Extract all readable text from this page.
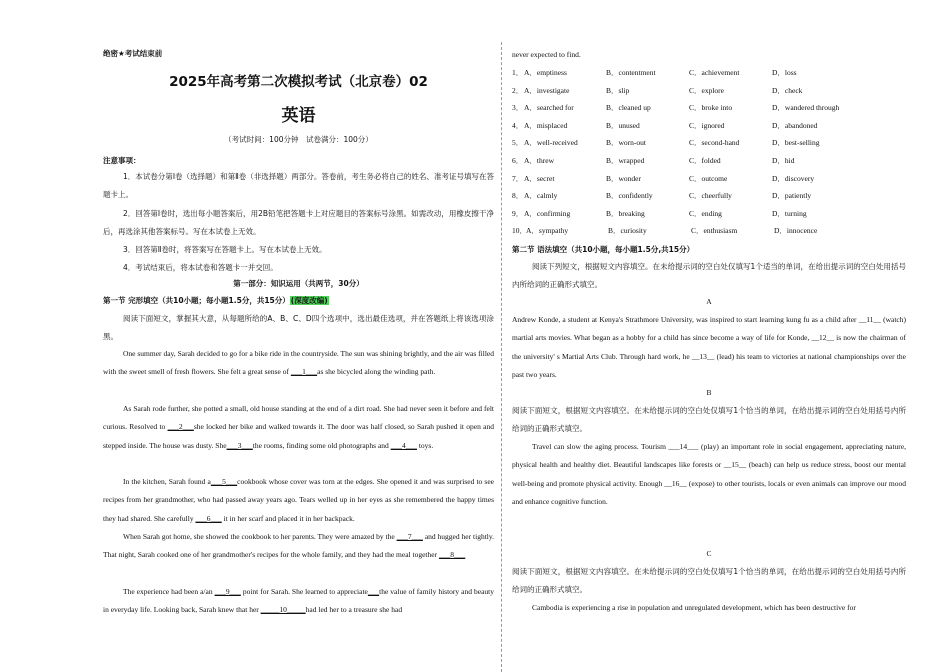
绝密★考试结束前
2025年高考第二次模拟考试（北京卷）02
英语
（考试时间：100分钟　试卷满分：100分）
注意事项：
1．本试卷分第Ⅰ卷（选择题）和第Ⅱ卷（非选择题）两部分。答卷前，考生务必将自己的姓名、准考证号填写在答题卡上。
2．回答第Ⅰ卷时，选出每小题答案后，用2B铅笔把答题卡上对应题目的答案标号涂黑。如需改动，用橡皮擦干净后，再选涂其他答案标号。写在本试卷上无效。
3．回答第Ⅱ卷时，将答案写在答题卡上。写在本试卷上无效。
4．考试结束后，将本试卷和答题卡一并交回。
第一部分：知识运用（共两节，30分）
第一节 完形填空（共10小题；每小题1.5分，共15分）(深度改编)
阅读下面短文，掌握其大意，从每题所给的A、B、C、D四个选项中，选出最佳选项，并在答题纸上将该选项涂黑。
One summer day, Sarah decided to go for a bike ride in the countryside. The sun was shining brightly, and the air was filled with the sweet smell of fresh flowers. She felt a great sense of ___1___as she bicycled along the winding path.
As Sarah rode further, she potted a small, old house standing at the end of a dirt road. She had never seen it before and felt curious. Resolved to ___2___she locked her bike and walked towards it. The door was half closed, so Sarah pushed it open and stepped inside. The house was dusty. She___3___the rooms, finding some old photographs and ___4___ toys.
In the kitchen, Sarah found a___5___cookbook whose cover was torn at the edges. She opened it and was surprised to see recipes from her grandmother, who had passed away years ago. Tears welled up in her eyes as she remembered the happy times they had shared. She carefully ___6___ it in her scarf and placed it in her backpack.
When Sarah got home, she showed the cookbook to her parents. They were amazed by the ___7___ and hugged her tightly. That night, Sarah cooked one of her grandmother's recipes for the whole family, and they had the meal together ___8___
The experience had been a/an ___9___ point for Sarah. She learned to appreciate___the value of family history and beauty in everyday life. Looking back, Sarah knew that her _____10_____had led her to a treasure she had
never expected to find.
1． A．emptiness	B．contentment	C．achievement	D．loss
2． A．investigate	B．slip	C．explore	D．check
3． A．searched for	B．cleaned up	C．broke into	D．wandered through
4． A．misplaced	B．unused	C．ignored	D．abandoned
5． A．well-received	B．worn-out	C．second-hand	D．best-selling
6． A．threw	B．wrapped	C．folded	D．hid
7． A．secret	B．wonder	C．outcome	D．discovery
8． A．calmly	B．confidently	C．cheerfully	D．patiently
9． A．confirming	B．breaking	C．ending	D．turning
10． A．sympathy	B．curiosity	C．enthusiasm	D．innocence
第二节 语法填空（共10小题，每小题1.5分,共15分）
阅读下列短文，根据短文内容填空。在未给提示词的空白处仅填写1个适当的单词，在给出提示词的空白处用括号内所给词的正确形式填空。
A
Andrew Konde, a student at Kenya's Strathmore University, was inspired to start learning kung fu as a child after __11__ (watch) martial arts movies. What began as a hobby for a child has since become a way of life for Konde, __12__ is now the chairman of the university' s Martial Arts Club. Through hard work, he __13__ (lead) his team to victories at national championships over the past two years.
B
阅读下面短文，根据短文内容填空。在未给提示词的空白处仅填写1个恰当的单词，在给出提示词的空白处用括号内所给词的正确形式填空。
Travel can slow the aging process. Tourism ___14___ (play) an important role in social engagement, appreciating nature, physical health and healthy diet. Beautiful landscapes like forests or __15__ (beach) can help us reduce stress, boost our mental well-being and promote physical activity. Enough __16__ (expose) to other tourists, locals or even animals can improve our mood and enhance cognitive function.
C
阅读下面短文，根据短文内容填空。在未给提示词的空白处仅填写1个恰当的单词，在给出提示词的空白处用括号内所给词的正确形式填空。
Cambodia is experiencing a rise in population and unregulated development, which has been destructive for
